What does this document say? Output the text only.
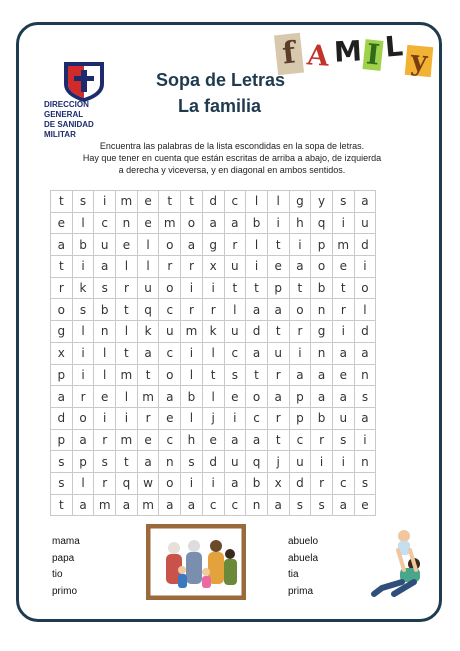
f A M I L y
DIRECCIÓN GENERAL
DE SANIDAD MILITAR
Sopa de Letras
La familia
Encuentra las palabras de la lista escondidas en la sopa de letras.
Hay que tener en cuenta que están escritas de arriba a abajo, de izquierda
a derecha y viceversa, y en diagonal en ambos sentidos.
t	s	i	m	e	t	t	d	c	l	l	g	y	s	a
e	l	c	n	e	m	o	a	a	b	i	h	q	i	u
a	b	u	e	l	o	a	g	r	l	t	i	p	m	d
t	i	a	l	l	r	r	x	u	i	e	a	o	e	i
r	k	s	r	u	o	i	i	t	t	p	t	b	t	o
o	s	b	t	q	c	r	r	l	a	a	o	n	r	l
g	l	n	l	k	u	m	k	u	d	t	r	g	i	d
x	i	l	t	a	c	i	l	c	a	u	i	n	a	a
p	i	l	m	t	o	l	t	s	t	r	a	a	e	n
a	r	e	l	m	a	b	l	e	o	a	p	a	a	s
d	o	i	i	r	e	l	j	i	c	r	p	b	u	a
p	a	r	m	e	c	h	e	a	a	t	c	r	s	i
s	p	s	t	a	n	s	d	u	q	j	u	i	i	n
s	l	r	q	w	o	i	i	a	b	x	d	r	c	s
t	a	m	a	m	a	a	c	c	n	a	s	s	a	e
mama
papa
tio
primo
abuelo
abuela
tia
prima
